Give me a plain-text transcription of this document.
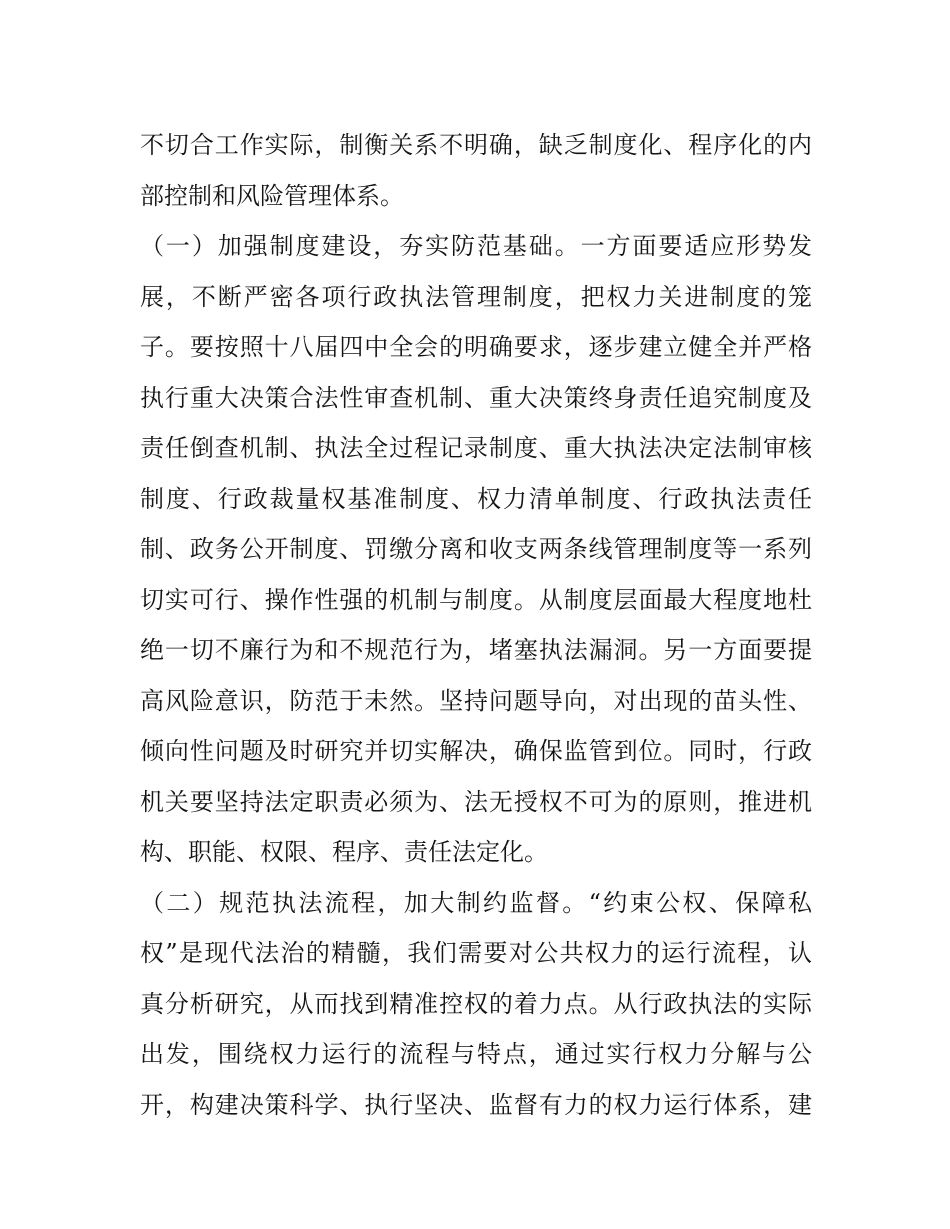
不切合工作实际，制衡关系不明确，缺乏制度化、程序化的内
部控制和风险管理体系。
（一）加强制度建设，夯实防范基础。一方面要适应形势发
展，不断严密各项行政执法管理制度，把权力关进制度的笼
子。要按照十八届四中全会的明确要求，逐步建立健全并严格
执行重大决策合法性审查机制、重大决策终身责任追究制度及
责任倒查机制、执法全过程记录制度、重大执法决定法制审核
制度、行政裁量权基准制度、权力清单制度、行政执法责任
制、政务公开制度、罚缴分离和收支两条线管理制度等一系列
切实可行、操作性强的机制与制度。从制度层面最大程度地杜
绝一切不廉行为和不规范行为，堵塞执法漏洞。另一方面要提
高风险意识，防范于未然。坚持问题导向，对出现的苗头性、
倾向性问题及时研究并切实解决，确保监管到位。同时，行政
机关要坚持法定职责必须为、法无授权不可为的原则，推进机
构、职能、权限、程序、责任法定化。
（二）规范执法流程，加大制约监督。“约束公权、保障私
权”是现代法治的精髓，我们需要对公共权力的运行流程，认
真分析研究，从而找到精准控权的着力点。从行政执法的实际
出发，围绕权力运行的流程与特点，通过实行权力分解与公
开，构建决策科学、执行坚决、监督有力的权力运行体系，建
